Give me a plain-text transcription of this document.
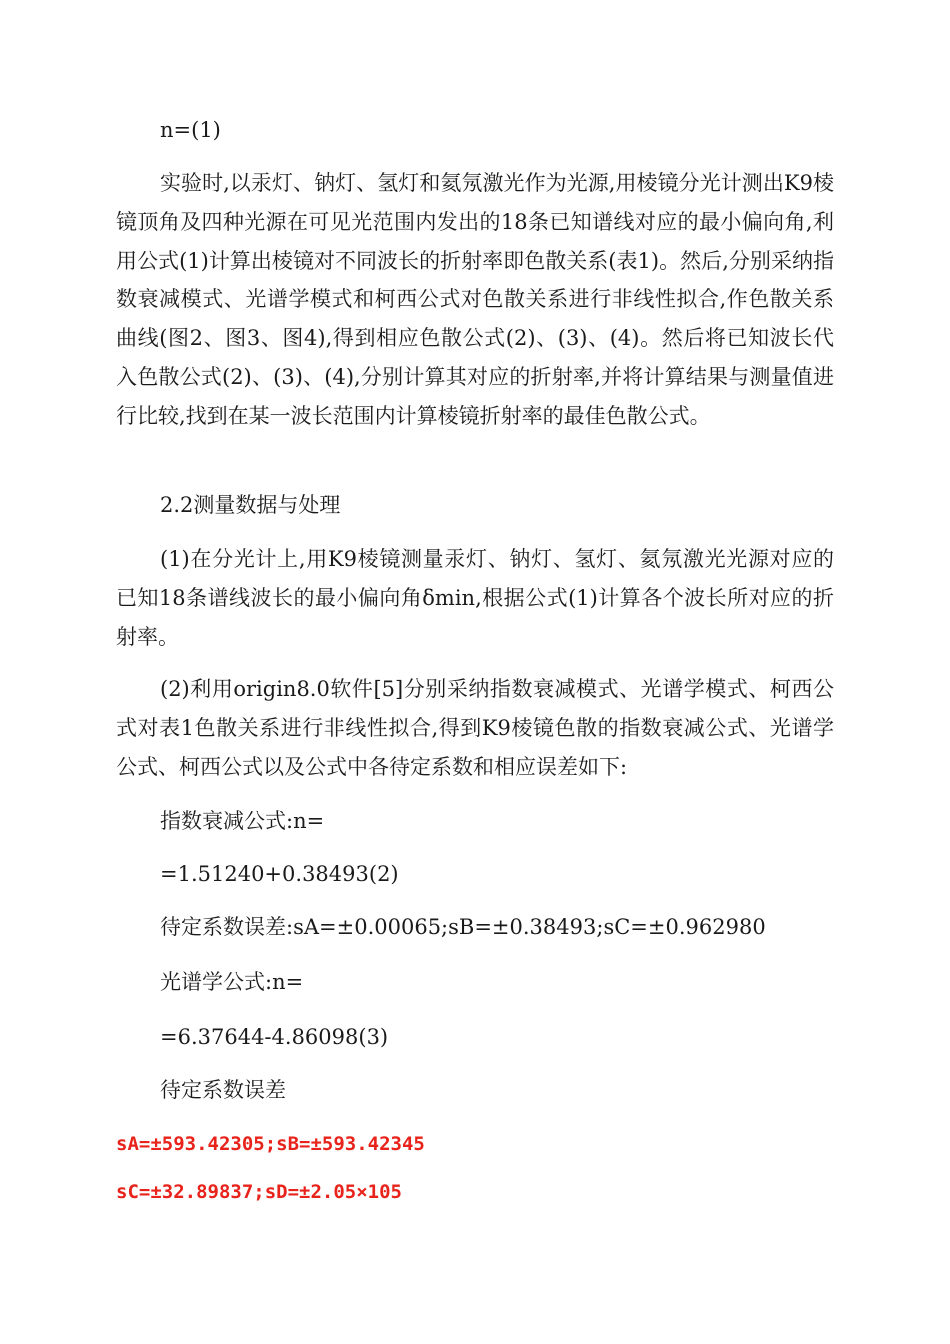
n=(1)
实验时,以汞灯、钠灯、氢灯和氦氖激光作为光源,用棱镜分光计测出K9棱镜顶角及四种光源在可见光范围内发出的18条已知谱线对应的最小偏向角,利用公式(1)计算出棱镜对不同波长的折射率即色散关系(表1)。然后,分别采纳指数衰减模式、光谱学模式和柯西公式对色散关系进行非线性拟合,作色散关系曲线(图2、图3、图4),得到相应色散公式(2)、(3)、(4)。然后将已知波长代入色散公式(2)、(3)、(4),分别计算其对应的折射率,并将计算结果与测量值进行比较,找到在某一波长范围内计算棱镜折射率的最佳色散公式。
2.2测量数据与处理
(1)在分光计上,用K9棱镜测量汞灯、钠灯、氢灯、氦氖激光光源对应的已知18条谱线波长的最小偏向角δmin,根据公式(1)计算各个波长所对应的折射率。
(2)利用origin8.0软件[5]分别采纳指数衰减模式、光谱学模式、柯西公式对表1色散关系进行非线性拟合,得到K9棱镜色散的指数衰减公式、光谱学公式、柯西公式以及公式中各待定系数和相应误差如下:
指数衰减公式:n=
=1.51240+0.38493(2)
待定系数误差:sA=±0.00065;sB=±0.38493;sC=±0.962980
光谱学公式:n=
=6.37644-4.86098(3)
待定系数误差
sA=±593.42305;sB=±593.42345
sC=±32.89837;sD=±2.05×105
